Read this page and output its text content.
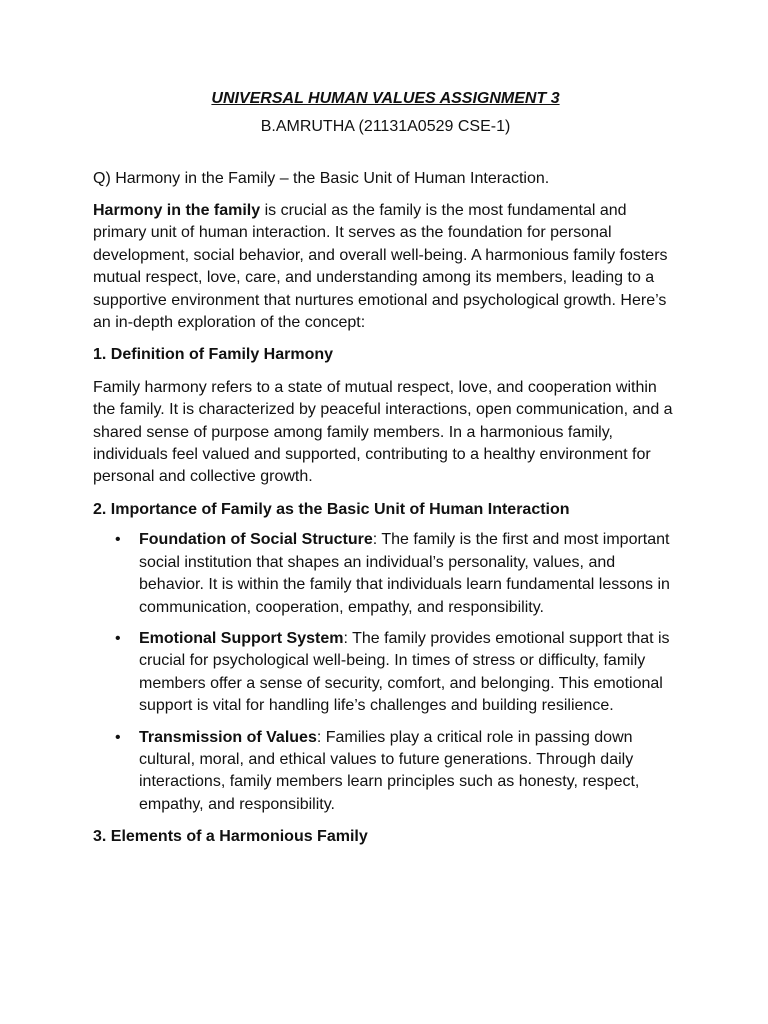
UNIVERSAL HUMAN VALUES ASSIGNMENT 3

B.AMRUTHA (21131A0529 CSE-1)

Q) Harmony in the Family – the Basic Unit of Human Interaction.

Harmony in the family is crucial as the family is the most fundamental and primary unit of human interaction. It serves as the foundation for personal development, social behavior, and overall well-being. A harmonious family fosters mutual respect, love, care, and understanding among its members, leading to a supportive environment that nurtures emotional and psychological growth. Here’s an in-depth exploration of the concept:

1. Definition of Family Harmony

Family harmony refers to a state of mutual respect, love, and cooperation within the family. It is characterized by peaceful interactions, open communication, and a shared sense of purpose among family members. In a harmonious family, individuals feel valued and supported, contributing to a healthy environment for personal and collective growth.

2. Importance of Family as the Basic Unit of Human Interaction

• Foundation of Social Structure: The family is the first and most important social institution that shapes an individual’s personality, values, and behavior. It is within the family that individuals learn fundamental lessons in communication, cooperation, empathy, and responsibility.
• Emotional Support System: The family provides emotional support that is crucial for psychological well-being. In times of stress or difficulty, family members offer a sense of security, comfort, and belonging. This emotional support is vital for handling life’s challenges and building resilience.
• Transmission of Values: Families play a critical role in passing down cultural, moral, and ethical values to future generations. Through daily interactions, family members learn principles such as honesty, respect, empathy, and responsibility.

3. Elements of a Harmonious Family
